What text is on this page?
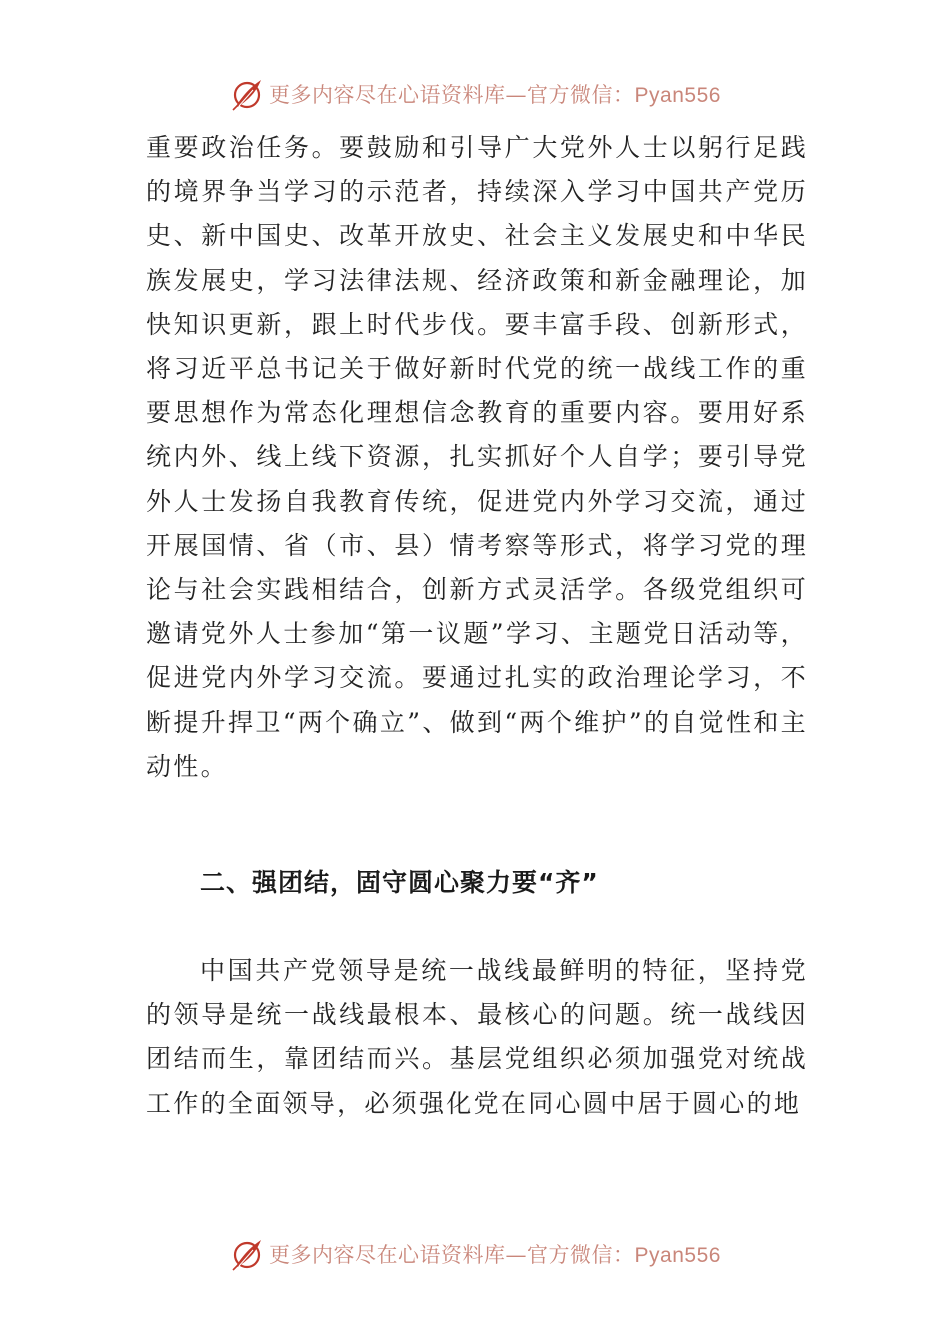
更多内容尽在心语资料库—官方微信：Pyan556

重要政治任务。要鼓励和引导广大党外人士以躬行足践的境界争当学习的示范者，持续深入学习中国共产党历史、新中国史、改革开放史、社会主义发展史和中华民族发展史，学习法律法规、经济政策和新金融理论，加快知识更新，跟上时代步伐。要丰富手段、创新形式，将习近平总书记关于做好新时代党的统一战线工作的重要思想作为常态化理想信念教育的重要内容。要用好系统内外、线上线下资源，扎实抓好个人自学；要引导党外人士发扬自我教育传统，促进党内外学习交流，通过开展国情、省（市、县）情考察等形式，将学习党的理论与社会实践相结合，创新方式灵活学。各级党组织可邀请党外人士参加“第一议题”学习、主题党日活动等，促进党内外学习交流。要通过扎实的政治理论学习，不断提升捍卫“两个确立”、做到“两个维护”的自觉性和主动性。

二、强团结，固守圆心聚力要“齐”

中国共产党领导是统一战线最鲜明的特征，坚持党的领导是统一战线最根本、最核心的问题。统一战线因团结而生，靠团结而兴。基层党组织必须加强党对统战工作的全面领导，必须强化党在同心圆中居于圆心的地

更多内容尽在心语资料库—官方微信：Pyan556
